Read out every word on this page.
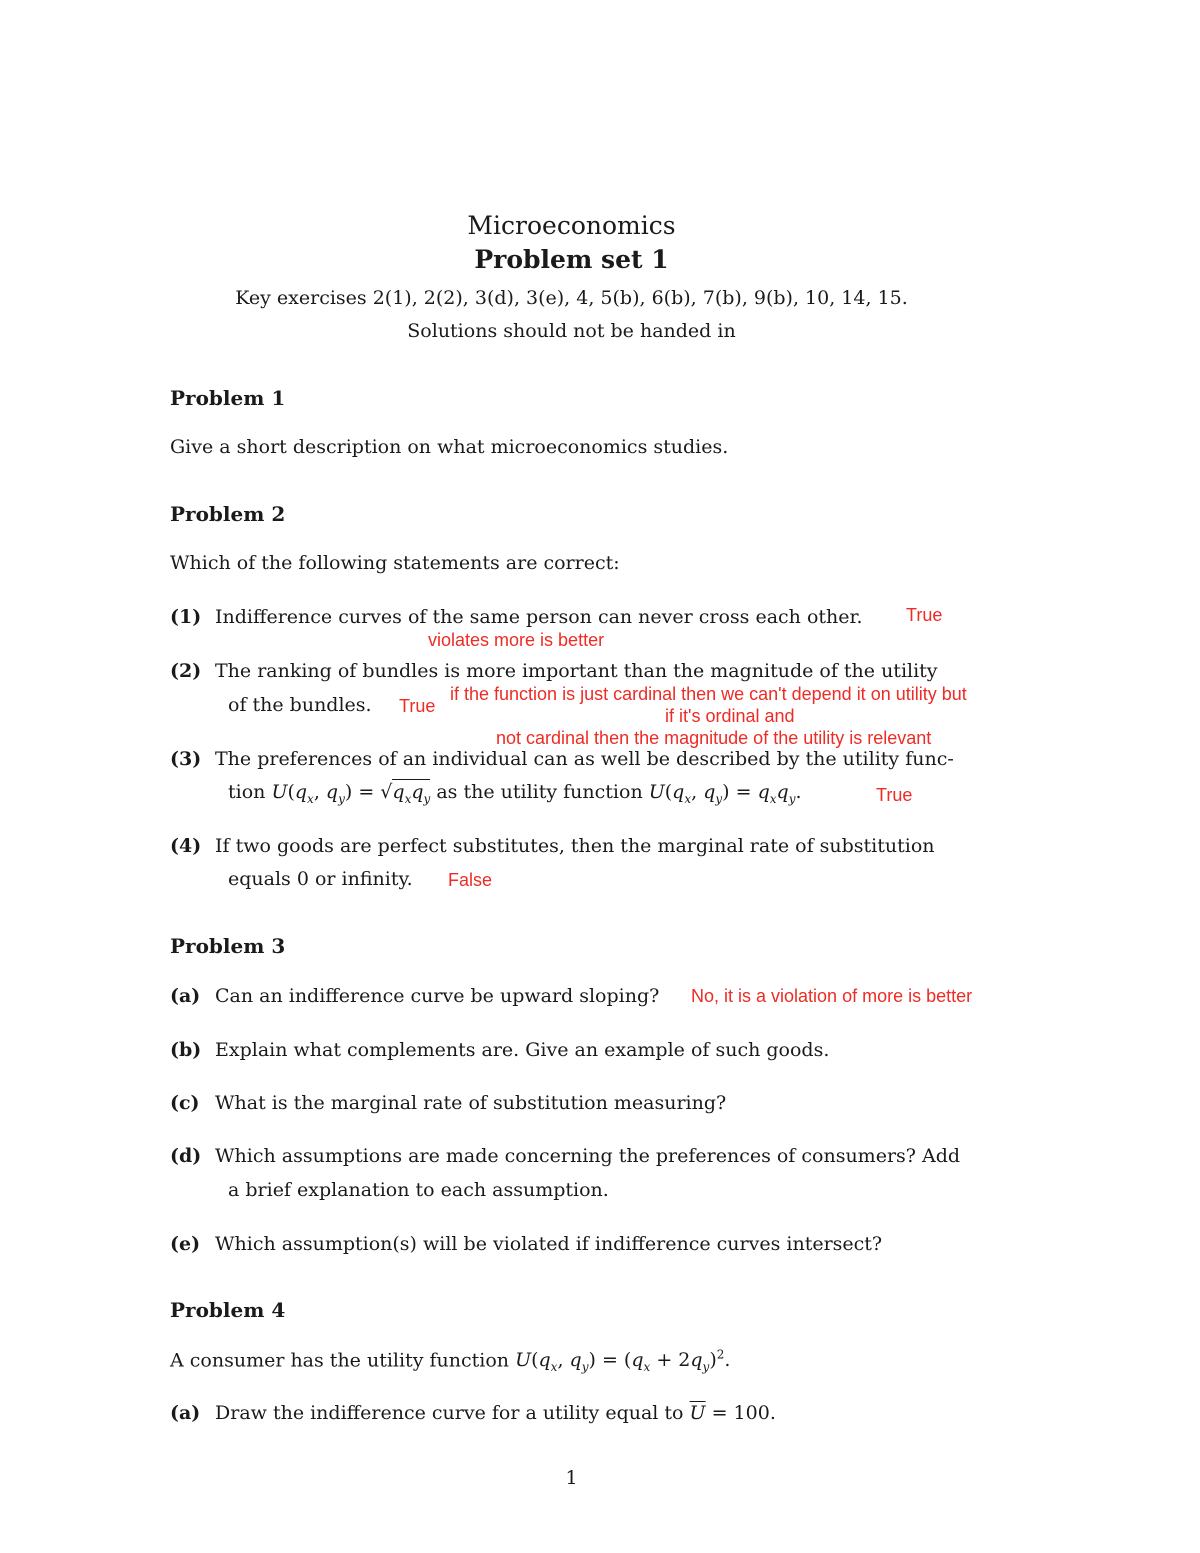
Microeconomics
Problem set 1
Key exercises 2(1), 2(2), 3(d), 3(e), 4, 5(b), 6(b), 7(b), 9(b), 10, 14, 15.
Solutions should not be handed in
Problem 1
Give a short description on what microeconomics studies.
Problem 2
Which of the following statements are correct:
(1) Indifference curves of the same person can never cross each other.
(2) The ranking of bundles is more important than the magnitude of the utility
of the bundles.
(3) The preferences of an individual can as well be described by the utility func-
tion $U(q_x$, $q_y) = √q_xq_y$ as the utility function $U(q_x$, $q_y) = q_xq_y$.
(4) If two goods are perfect substitutes, then the marginal rate of substitution
equals 0 or infinity.
Problem 3
(a) Can an indifference curve be upward sloping?
(b) Explain what complements are. Give an example of such goods.
(c) What is the marginal rate of substitution measuring?
(d) Which assumptions are made concerning the preferences of consumers? Add
a brief explanation to each assumption.
(e) Which assumption(s) will be violated if indifference curves intersect?
Problem 4
A consumer has the utility function $U(q_x$, $q_y) = (q_x + 2q_y)^2$.
(a) Draw the indifference curve for a utility equal to $\overline{U} = 100$.
True
violates more is better
True
if the function is just cardinal then we can't depend it on utility but
if it's ordinal and
not cardinal then the magnitude of the utility is relevant
True
False
No, it is a violation of more is better
1
